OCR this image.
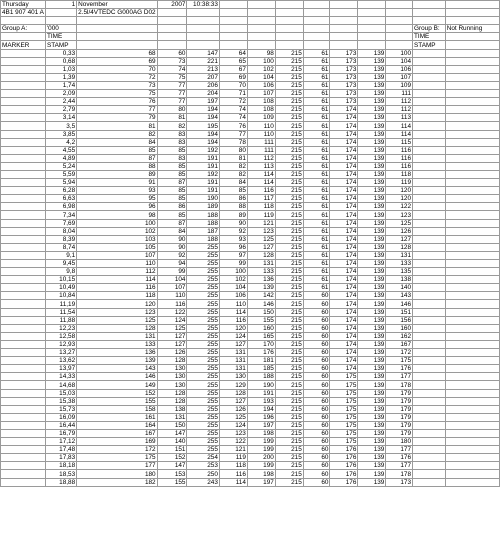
Thursday	1	November	2007	10:38:33									
4B1 907 401 A		2.5l/4VTEDC G000AG D02											

Group A:	'000											Group B:	Not Running
	TIME											TIME	
MARKER	STAMP											STAMP	
	0,33	68	60	147	64	98	215	61	173	139	100		
	0,68	69	73	221	65	100	215	61	173	139	104		
	1,03	70	74	213	67	102	215	61	173	139	106		
	1,39	72	75	207	69	104	215	61	173	139	107		
	1,74	73	77	206	70	106	215	61	173	139	109		
	2,09	75	77	204	71	107	215	61	173	139	111		
	2,44	76	77	197	72	108	215	61	173	139	112		
	2,79	77	80	194	74	108	215	61	174	139	112		
	3,14	79	81	194	74	109	215	61	174	139	113		
	3,5	81	82	195	76	110	215	61	174	139	114		
	3,85	82	83	194	77	110	215	61	174	139	114		
	4,2	84	83	194	78	111	215	61	174	139	115		
	4,55	85	85	192	80	111	215	61	174	139	116		
	4,89	87	83	191	81	112	215	61	174	139	116		
	5,24	88	85	191	82	113	215	61	174	139	116		
	5,59	89	85	192	82	114	215	61	174	139	118		
	5,94	91	87	191	84	114	215	61	174	139	119		
	6,28	93	85	191	85	116	215	61	174	139	120		
	6,63	95	85	190	86	117	215	61	174	139	120		
	6,98	96	86	189	88	118	215	61	174	139	122		
	7,34	98	85	188	89	119	215	61	174	139	123		
	7,69	100	87	188	90	121	215	61	174	139	125		
	8,04	102	84	187	92	123	215	61	174	139	126		
	8,39	103	90	188	93	125	215	61	174	139	127		
	8,74	105	90	255	96	127	215	61	174	139	128		
	9,1	107	92	255	97	128	215	61	174	139	131		
	9,45	110	94	255	99	131	215	61	174	139	133		
	9,8	112	99	255	100	133	215	61	174	139	135		
	10,15	114	104	255	102	136	215	61	174	139	138		
	10,49	116	107	255	104	139	215	61	174	139	140		
	10,84	118	110	255	106	142	215	60	174	139	143		
	11,19	120	116	255	110	146	215	60	174	139	146		
	11,54	123	122	255	114	150	215	60	174	139	151		
	11,88	125	124	255	116	155	215	60	174	139	156		
	12,23	128	125	255	120	160	215	60	174	139	160		
	12,58	131	127	255	124	165	215	60	174	139	162		
	12,93	133	127	255	127	170	215	60	174	139	167		
	13,27	136	126	255	131	176	215	60	174	139	172		
	13,62	139	128	255	131	181	215	60	174	139	175		
	13,97	143	130	255	131	185	215	60	174	139	176		
	14,33	146	130	255	130	188	215	60	175	139	177		
	14,68	149	130	255	129	190	215	60	175	139	178		
	15,03	152	128	255	128	191	215	60	175	139	179		
	15,38	155	128	255	127	193	215	60	175	139	179		
	15,73	158	138	255	126	194	215	60	175	139	179		
	16,09	161	131	255	125	196	215	60	175	139	179		
	16,44	164	150	255	124	197	215	60	175	139	179		
	16,79	167	147	255	123	198	215	60	175	139	179		
	17,12	169	140	255	122	199	215	60	175	139	180		
	17,48	172	151	255	121	199	215	60	176	139	177		
	17,83	175	152	254	119	200	215	60	176	139	176		
	18,18	177	147	253	118	199	215	60	176	139	177		
	18,53	180	153	250	116	198	215	60	176	139	178		
	18,88	182	155	243	114	197	215	60	176	139	173		
